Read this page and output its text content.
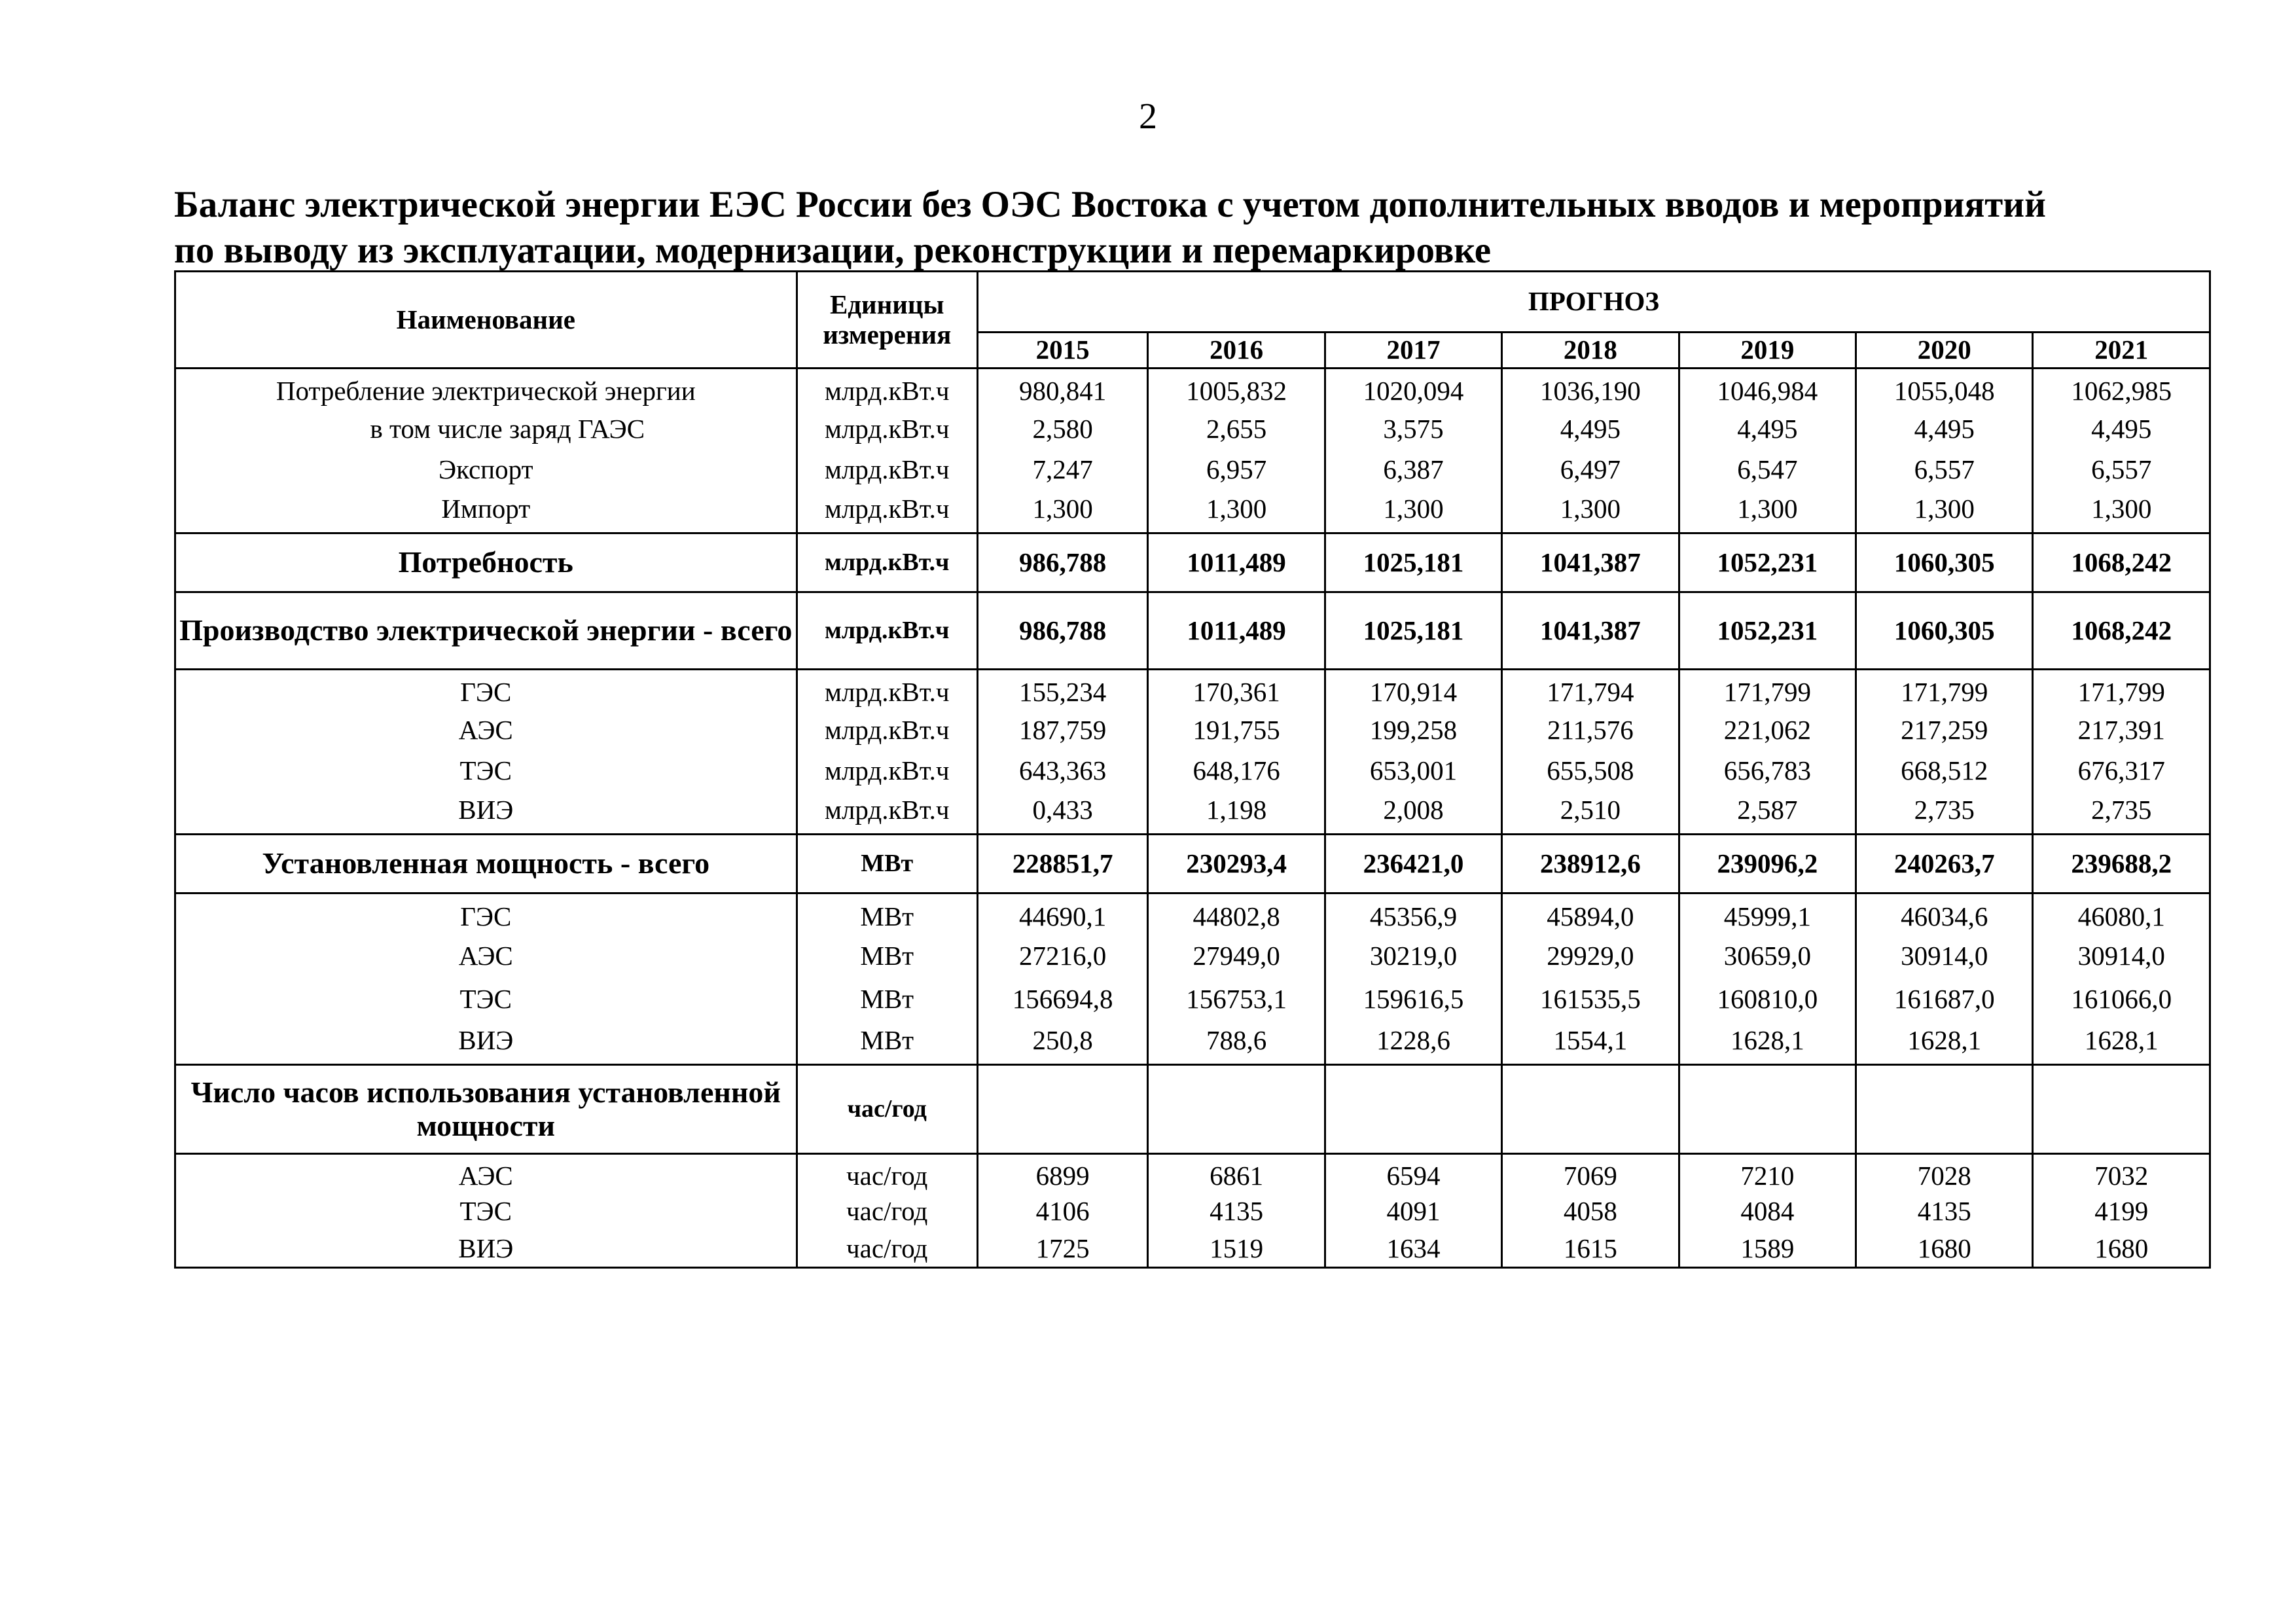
2
Баланс электрической энергии ЕЭС России без ОЭС Востока с учетом дополнительных вводов и мероприятий
по выводу из эксплуатации, модернизации, реконструкции и перемаркировке
Наименование	Единицы измерения	ПРОГНОЗ						
		2015	2016	2017	2018	2019	2020	2021
Потребление электрической энергии	млрд.кВт.ч	980,841	1005,832	1020,094	1036,190	1046,984	1055,048	1062,985
в том числе заряд ГАЭС	млрд.кВт.ч	2,580	2,655	3,575	4,495	4,495	4,495	4,495
Экспорт	млрд.кВт.ч	7,247	6,957	6,387	6,497	6,547	6,557	6,557
Импорт	млрд.кВт.ч	1,300	1,300	1,300	1,300	1,300	1,300	1,300
Потребность	млрд.кВт.ч	986,788	1011,489	1025,181	1041,387	1052,231	1060,305	1068,242
Производство электрической энергии - всего	млрд.кВт.ч	986,788	1011,489	1025,181	1041,387	1052,231	1060,305	1068,242
ГЭС	млрд.кВт.ч	155,234	170,361	170,914	171,794	171,799	171,799	171,799
АЭС	млрд.кВт.ч	187,759	191,755	199,258	211,576	221,062	217,259	217,391
ТЭС	млрд.кВт.ч	643,363	648,176	653,001	655,508	656,783	668,512	676,317
ВИЭ	млрд.кВт.ч	0,433	1,198	2,008	2,510	2,587	2,735	2,735
Установленная мощность - всего	МВт	228851,7	230293,4	236421,0	238912,6	239096,2	240263,7	239688,2
ГЭС	МВт	44690,1	44802,8	45356,9	45894,0	45999,1	46034,6	46080,1
АЭС	МВт	27216,0	27949,0	30219,0	29929,0	30659,0	30914,0	30914,0
ТЭС	МВт	156694,8	156753,1	159616,5	161535,5	160810,0	161687,0	161066,0
ВИЭ	МВт	250,8	788,6	1228,6	1554,1	1628,1	1628,1	1628,1
Число часов использования установленной мощности	час/год							
АЭС	час/год	6899	6861	6594	7069	7210	7028	7032
ТЭС	час/год	4106	4135	4091	4058	4084	4135	4199
ВИЭ	час/год	1725	1519	1634	1615	1589	1680	1680
